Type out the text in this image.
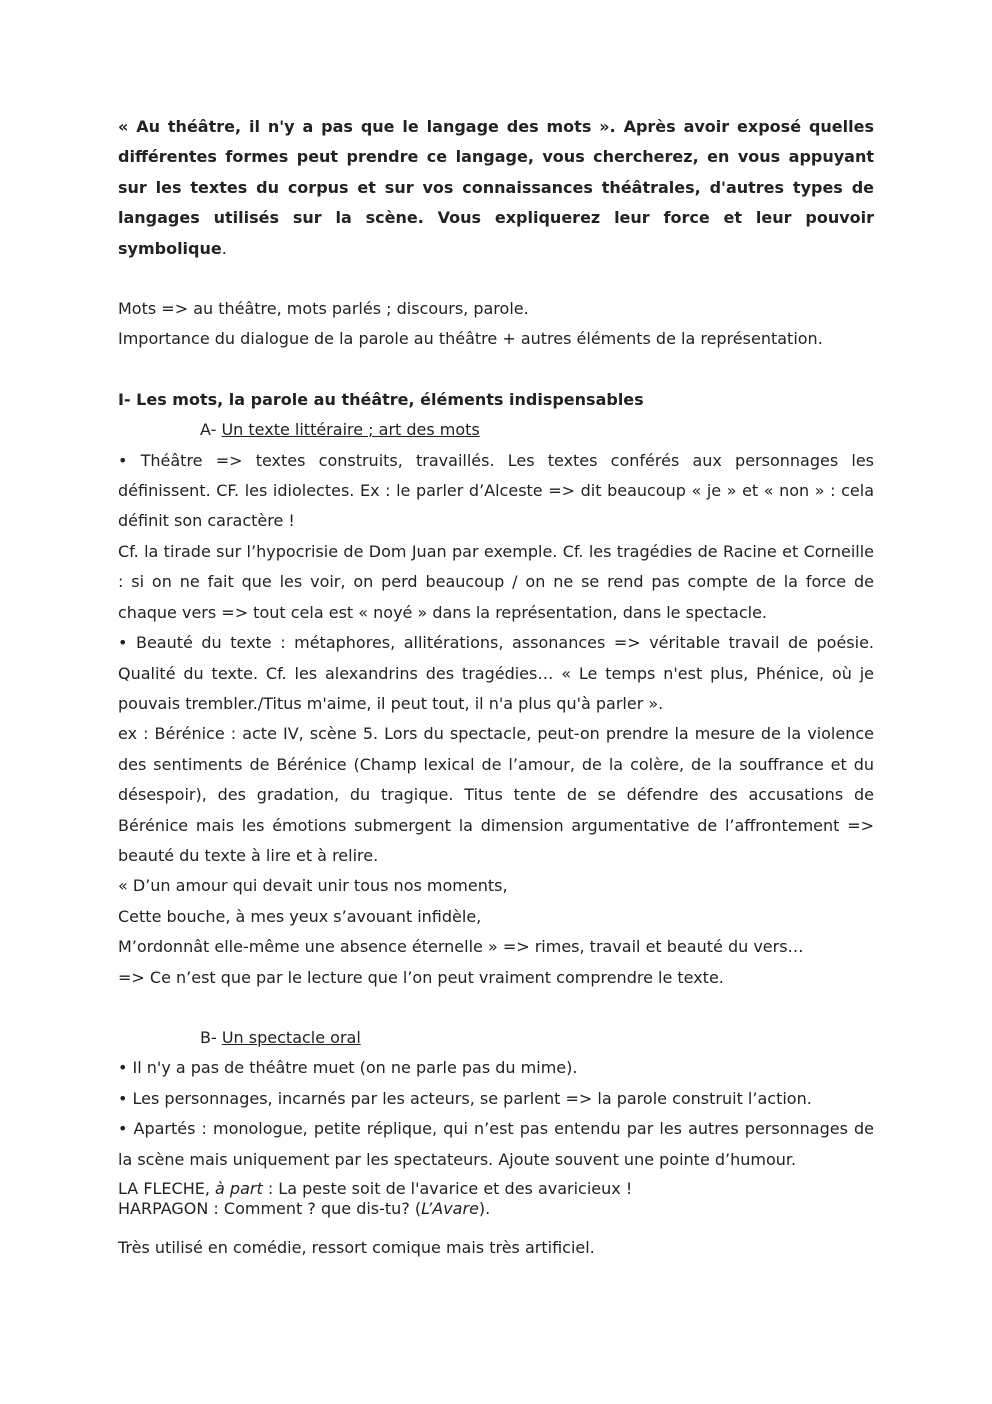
« Au théâtre, il n'y a pas que le langage des mots ». Après avoir exposé quelles différentes formes peut prendre ce langage, vous chercherez, en vous appuyant sur les textes du corpus et sur vos connaissances théâtrales, d'autres types de langages utilisés sur la scène. Vous expliquerez leur force et leur pouvoir symbolique.

Mots => au théâtre, mots parlés ; discours, parole.

Importance du dialogue de la parole au théâtre + autres éléments de la représentation.

I- Les mots, la parole au théâtre, éléments indispensables

A- Un texte littéraire ; art des mots

• Théâtre => textes construits, travaillés. Les textes conférés aux personnages les définissent. CF. les idiolectes. Ex : le parler d’Alceste => dit beaucoup « je » et « non » : cela définit son caractère !

Cf. la tirade sur l’hypocrisie de Dom Juan par exemple. Cf. les tragédies de Racine et Corneille : si on ne fait que les voir, on perd beaucoup / on ne se rend pas compte de la force de chaque vers => tout cela est « noyé » dans la représentation, dans le spectacle.

• Beauté du texte : métaphores, allitérations, assonances => véritable travail de poésie. Qualité du texte. Cf. les alexandrins des tragédies… « Le temps n'est plus, Phénice, où je pouvais trembler./Titus m'aime, il peut tout, il n'a plus qu'à parler ».

ex : Bérénice : acte IV, scène 5. Lors du spectacle, peut-on prendre la mesure de la violence des sentiments de Bérénice (Champ lexical de l’amour, de la colère, de la souffrance et du désespoir), des gradation, du tragique. Titus tente de se défendre des accusations de Bérénice mais les émotions submergent la dimension argumentative de l’affrontement => beauté du texte à lire et à relire.

« D’un amour qui devait unir tous nos moments,

Cette bouche, à mes yeux s’avouant infidèle,

M’ordonnât elle-même une absence éternelle » => rimes, travail et beauté du vers…

=> Ce n’est que par le lecture que l’on peut vraiment comprendre le texte.

B- Un spectacle oral

• Il n'y a pas de théâtre muet (on ne parle pas du mime).

• Les personnages, incarnés par les acteurs, se parlent => la parole construit l’action.

• Apartés : monologue, petite réplique, qui n’est pas entendu par les autres personnages de la scène mais uniquement par les spectateurs. Ajoute souvent une pointe d’humour.

LA FLECHE, à part : La peste soit de l'avarice et des avaricieux !

HARPAGON : Comment ? que dis-tu? (L’Avare).

Très utilisé en comédie, ressort comique mais très artificiel.
